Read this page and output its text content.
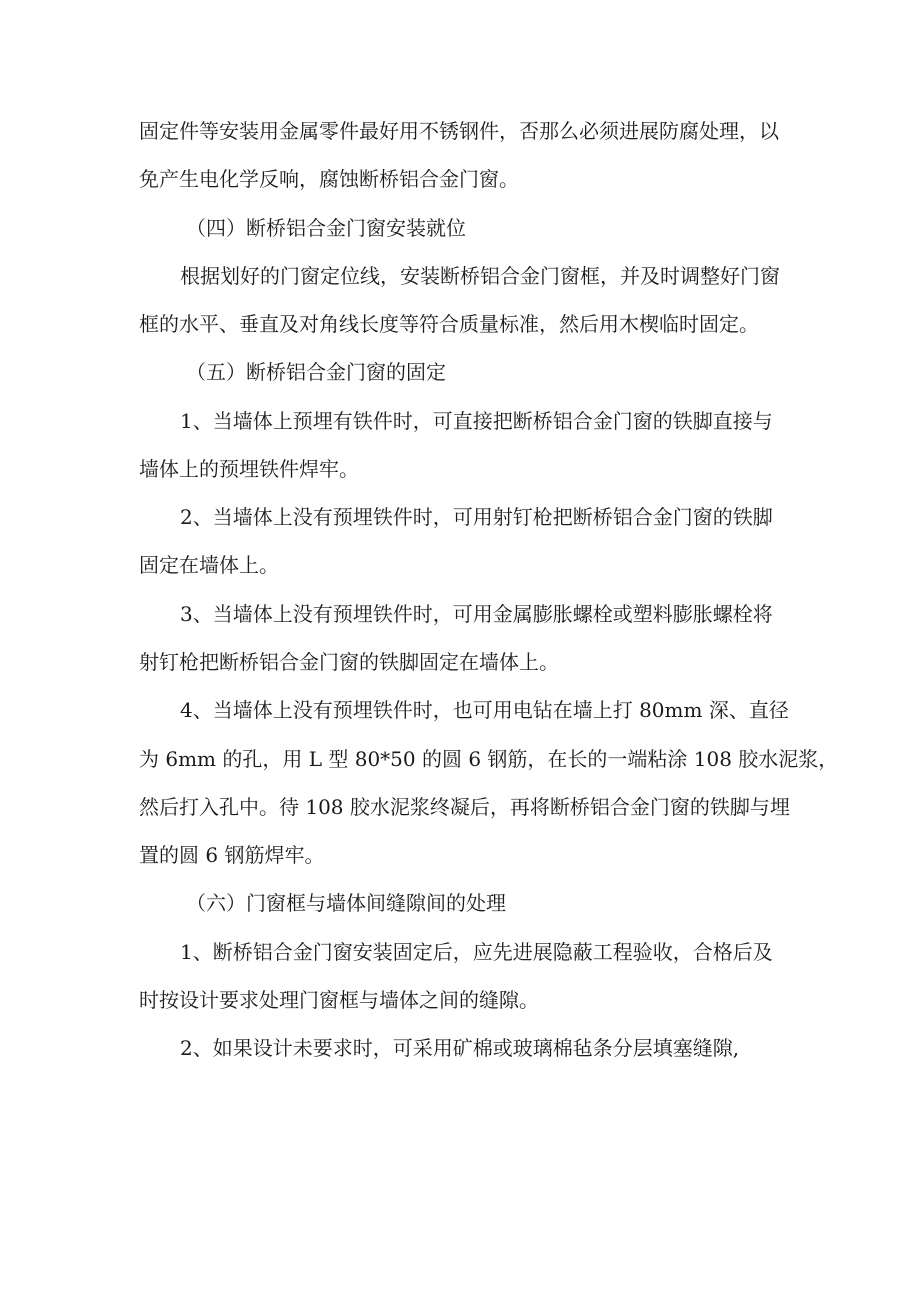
固定件等安装用金属零件最好用不锈钢件，否那么必须进展防腐处理，以

免产生电化学反响，腐蚀断桥铝合金门窗。

（四）断桥铝合金门窗安装就位

根据划好的门窗定位线，安装断桥铝合金门窗框，并及时调整好门窗

框的水平、垂直及对角线长度等符合质量标准，然后用木楔临时固定。

（五）断桥铝合金门窗的固定

1、当墙体上预埋有铁件时，可直接把断桥铝合金门窗的铁脚直接与

墙体上的预埋铁件焊牢。

2、当墙体上没有预埋铁件时，可用射钉枪把断桥铝合金门窗的铁脚

固定在墙体上。

3、当墙体上没有预埋铁件时，可用金属膨胀螺栓或塑料膨胀螺栓将

射钉枪把断桥铝合金门窗的铁脚固定在墙体上。

4、当墙体上没有预埋铁件时，也可用电钻在墙上打 80mm 深、直径

为 6mm 的孔，用 L 型 80*50 的圆 6 钢筋，在长的一端粘涂 108 胶水泥浆，

然后打入孔中。待 108 胶水泥浆终凝后，再将断桥铝合金门窗的铁脚与埋

置的圆 6 钢筋焊牢。

（六）门窗框与墙体间缝隙间的处理

1、断桥铝合金门窗安装固定后，应先进展隐蔽工程验收，合格后及

时按设计要求处理门窗框与墙体之间的缝隙。

2、如果设计未要求时，可采用矿棉或玻璃棉毡条分层填塞缝隙,
